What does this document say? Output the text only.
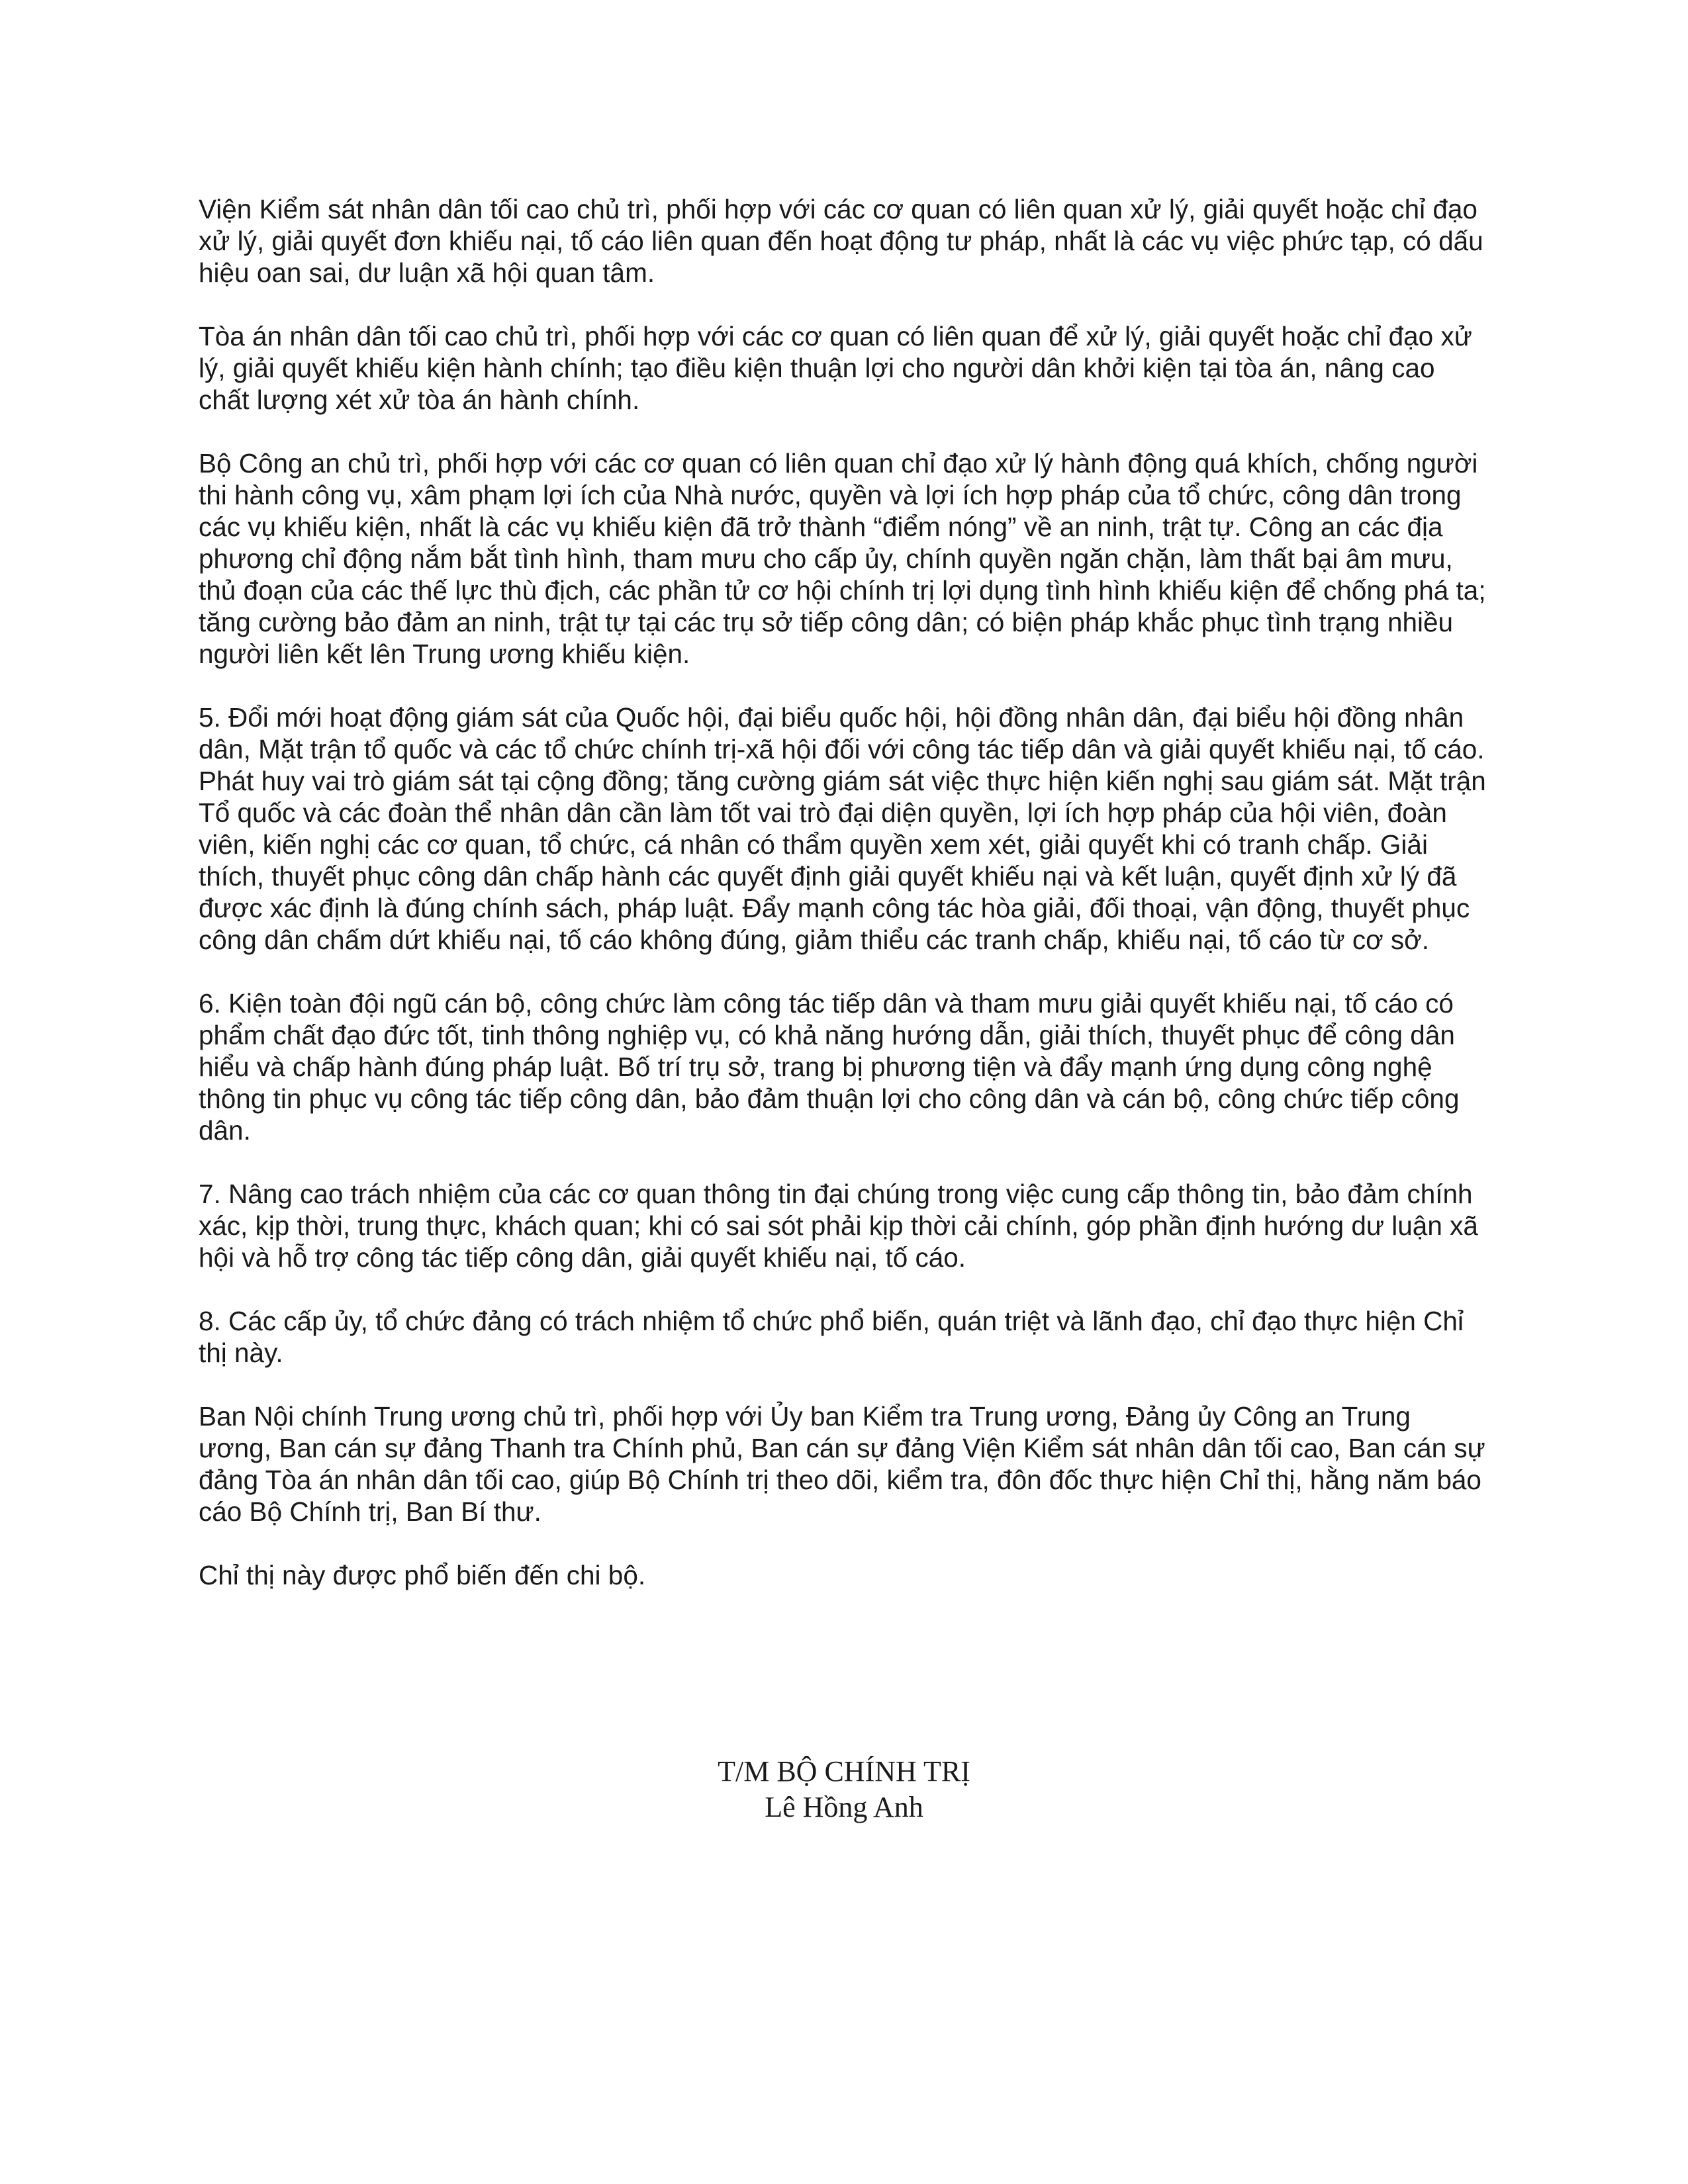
Viện Kiểm sát nhân dân tối cao chủ trì, phối hợp với các cơ quan có liên quan xử lý, giải quyết hoặc chỉ đạo xử lý, giải quyết đơn khiếu nại, tố cáo liên quan đến hoạt động tư pháp, nhất là các vụ việc phức tạp, có dấu hiệu oan sai, dư luận xã hội quan tâm.

Tòa án nhân dân tối cao chủ trì, phối hợp với các cơ quan có liên quan để xử lý, giải quyết hoặc chỉ đạo xử lý, giải quyết khiếu kiện hành chính; tạo điều kiện thuận lợi cho người dân khởi kiện tại tòa án, nâng cao chất lượng xét xử tòa án hành chính.

Bộ Công an chủ trì, phối hợp với các cơ quan có liên quan chỉ đạo xử lý hành động quá khích, chống người thi hành công vụ, xâm phạm lợi ích của Nhà nước, quyền và lợi ích hợp pháp của tổ chức, công dân trong các vụ khiếu kiện, nhất là các vụ khiếu kiện đã trở thành “điểm nóng” về an ninh, trật tự. Công an các địa phương chỉ động nắm bắt tình hình, tham mưu cho cấp ủy, chính quyền ngăn chặn, làm thất bại âm mưu, thủ đoạn của các thế lực thù địch, các phần tử cơ hội chính trị lợi dụng tình hình khiếu kiện để chống phá ta; tăng cường bảo đảm an ninh, trật tự tại các trụ sở tiếp công dân; có biện pháp khắc phục tình trạng nhiều người liên kết lên Trung ương khiếu kiện.

5. Đổi mới hoạt động giám sát của Quốc hội, đại biểu quốc hội, hội đồng nhân dân, đại biểu hội đồng nhân dân, Mặt trận tổ quốc và các tổ chức chính trị-xã hội đối với công tác tiếp dân và giải quyết khiếu nại, tố cáo. Phát huy vai trò giám sát tại cộng đồng; tăng cường giám sát việc thực hiện kiến nghị sau giám sát. Mặt trận Tổ quốc và các đoàn thể nhân dân cần làm tốt vai trò đại diện quyền, lợi ích hợp pháp của hội viên, đoàn viên, kiến nghị các cơ quan, tổ chức, cá nhân có thẩm quyền xem xét, giải quyết khi có tranh chấp. Giải thích, thuyết phục công dân chấp hành các quyết định giải quyết khiếu nại và kết luận, quyết định xử lý đã được xác định là đúng chính sách, pháp luật. Đẩy mạnh công tác hòa giải, đối thoại, vận động, thuyết phục công dân chấm dứt khiếu nại, tố cáo không đúng, giảm thiểu các tranh chấp, khiếu nại, tố cáo từ cơ sở.

6. Kiện toàn đội ngũ cán bộ, công chức làm công tác tiếp dân và tham mưu giải quyết khiếu nại, tố cáo có phẩm chất đạo đức tốt, tinh thông nghiệp vụ, có khả năng hướng dẫn, giải thích, thuyết phục để công dân hiểu và chấp hành đúng pháp luật. Bố trí trụ sở, trang bị phương tiện và đẩy mạnh ứng dụng công nghệ thông tin phục vụ công tác tiếp công dân, bảo đảm thuận lợi cho công dân và cán bộ, công chức tiếp công dân.

7. Nâng cao trách nhiệm của các cơ quan thông tin đại chúng trong việc cung cấp thông tin, bảo đảm chính xác, kịp thời, trung thực, khách quan; khi có sai sót phải kịp thời cải chính, góp phần định hướng dư luận xã hội và hỗ trợ công tác tiếp công dân, giải quyết khiếu nại, tố cáo.

8. Các cấp ủy, tổ chức đảng có trách nhiệm tổ chức phổ biến, quán triệt và lãnh đạo, chỉ đạo thực hiện Chỉ thị này.

Ban Nội chính Trung ương chủ trì, phối hợp với Ủy ban Kiểm tra Trung ương, Đảng ủy Công an Trung ương, Ban cán sự đảng Thanh tra Chính phủ, Ban cán sự đảng Viện Kiểm sát nhân dân tối cao, Ban cán sự đảng Tòa án nhân dân tối cao, giúp Bộ Chính trị theo dõi, kiểm tra, đôn đốc thực hiện Chỉ thị, hằng năm báo cáo Bộ Chính trị, Ban Bí thư.

Chỉ thị này được phổ biến đến chi bộ.

T/M BỘ CHÍNH TRỊ
Lê Hồng Anh
